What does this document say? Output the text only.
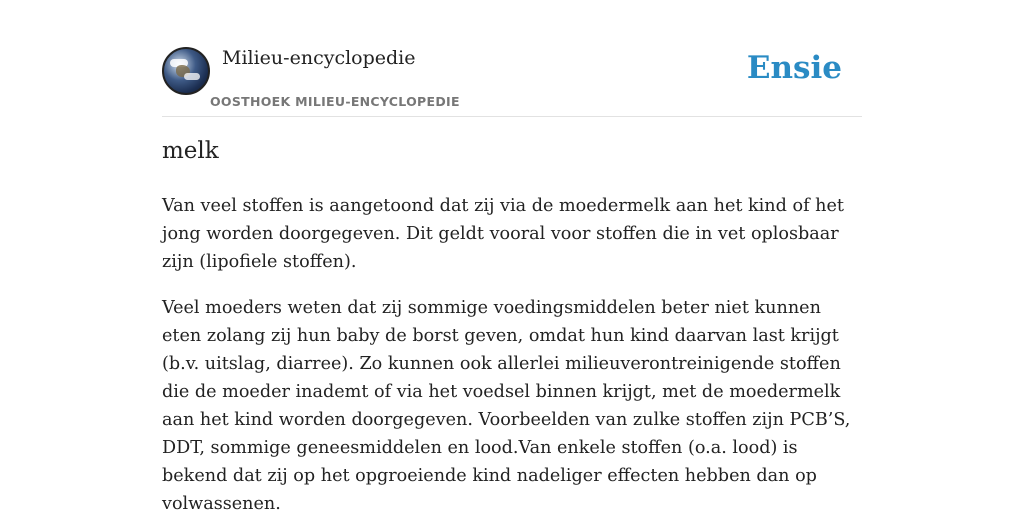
Milieu-encyclopedie
OOSTHOEK MILIEU-ENCYCLOPEDIE
Ensie
melk

Van veel stoffen is aangetoond dat zij via de moedermelk aan het kind of het jong worden doorgegeven. Dit geldt vooral voor stoffen die in vet oplosbaar zijn (lipofiele stoffen).

Veel moeders weten dat zij sommige voedingsmiddelen beter niet kunnen eten zolang zij hun baby de borst geven, omdat hun kind daarvan last krijgt (b.v. uitslag, diarree). Zo kunnen ook allerlei milieuverontreinigende stoffen die de moeder inademt of via het voedsel binnen krijgt, met de moedermelk aan het kind worden doorgegeven. Voorbeelden van zulke stoffen zijn PCB’S, DDT, sommige geneesmiddelen en lood.Van enkele stoffen (o.a. lood) is bekend dat zij op het opgroeiende kind nadeliger effecten hebben dan op volwassenen.
